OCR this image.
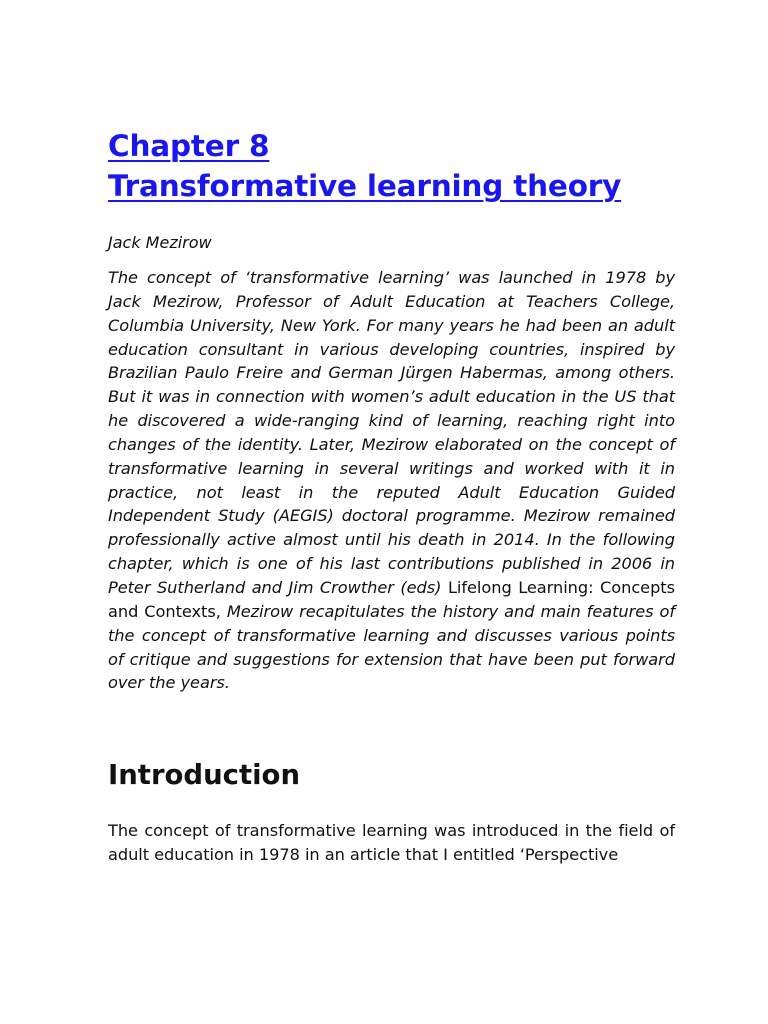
Chapter 8
Transformative learning theory

Jack Mezirow

The concept of ‘transformative learning’ was launched in 1978 by Jack Mezirow, Professor of Adult Education at Teachers College, Columbia University, New York. For many years he had been an adult education consultant in various developing countries, inspired by Brazilian Paulo Freire and German Jürgen Habermas, among others. But it was in connection with women’s adult education in the US that he discovered a wide-ranging kind of learning, reaching right into changes of the identity. Later, Mezirow elaborated on the concept of transformative learning in several writings and worked with it in practice, not least in the reputed Adult Education Guided Independent Study (AEGIS) doctoral programme. Mezirow remained professionally active almost until his death in 2014. In the following chapter, which is one of his last contributions published in 2006 in Peter Sutherland and Jim Crowther (eds) Lifelong Learning: Concepts and Contexts, Mezirow recapitulates the history and main features of the concept of transformative learning and discusses various points of critique and suggestions for extension that have been put forward over the years.

Introduction

The concept of transformative learning was introduced in the field of adult education in 1978 in an article that I entitled ‘Perspective
